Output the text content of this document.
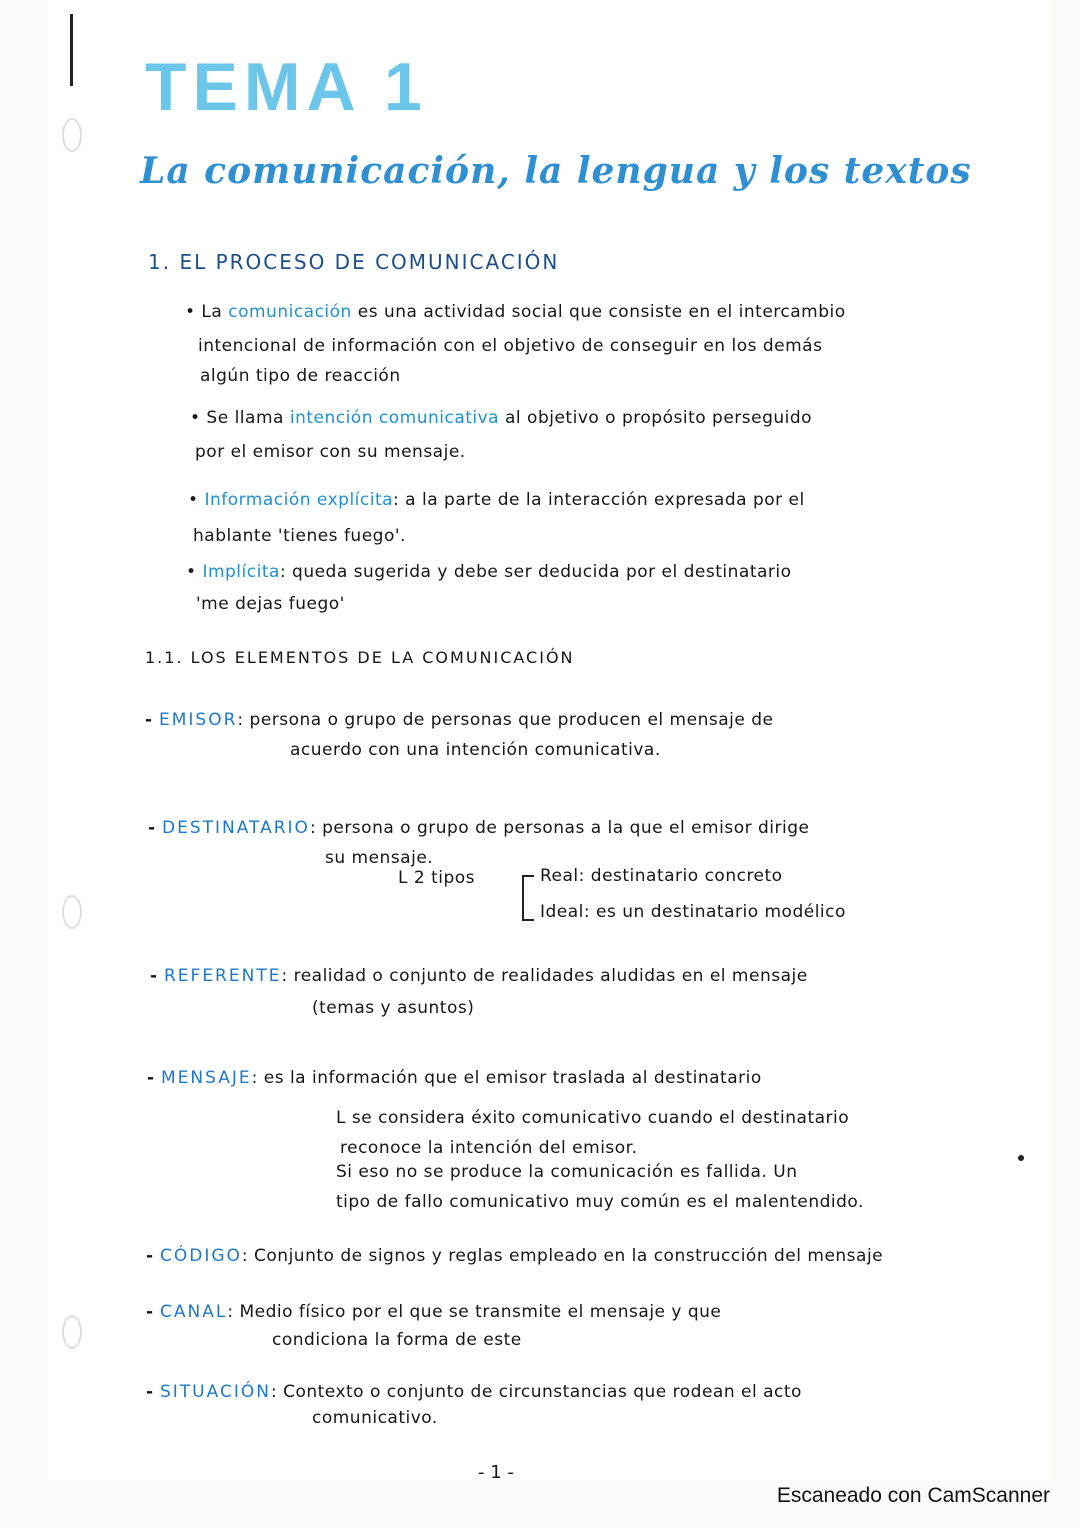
TEMA 1
La comunicación, la lengua y los textos
1. EL PROCESO DE COMUNICACIÓN
• La comunicación es una actividad social que consiste en el intercambio
intencional de información con el objetivo de conseguir en los demás
algún tipo de reacción
• Se llama intención comunicativa al objetivo o propósito perseguido
por el emisor con su mensaje.
• Información explícita: a la parte de la interacción expresada por el
hablante 'tienes fuego'.
• Implícita: queda sugerida y debe ser deducida por el destinatario
'me dejas fuego'
1.1. LOS ELEMENTOS DE LA COMUNICACIÓN
- EMISOR: persona o grupo de personas que producen el mensaje de
acuerdo con una intención comunicativa.
- DESTINATARIO: persona o grupo de personas a la que el emisor dirige
su mensaje.
L 2 tipos	Real: destinatario concreto
Ideal: es un destinatario modélico
- REFERENTE: realidad o conjunto de realidades aludidas en el mensaje
(temas y asuntos)
- MENSAJE: es la información que el emisor traslada al destinatario
L se considera éxito comunicativo cuando el destinatario
reconoce la intención del emisor.
Si eso no se produce la comunicación es fallida. Un
tipo de fallo comunicativo muy común es el malentendido.
- CÓDIGO: Conjunto de signos y reglas empleado en la construcción del mensaje
- CANAL: Medio físico por el que se transmite el mensaje y que
condiciona la forma de este
- SITUACIÓN: Contexto o conjunto de circunstancias que rodean el acto
comunicativo.
- 1 -
Escaneado con CamScanner
